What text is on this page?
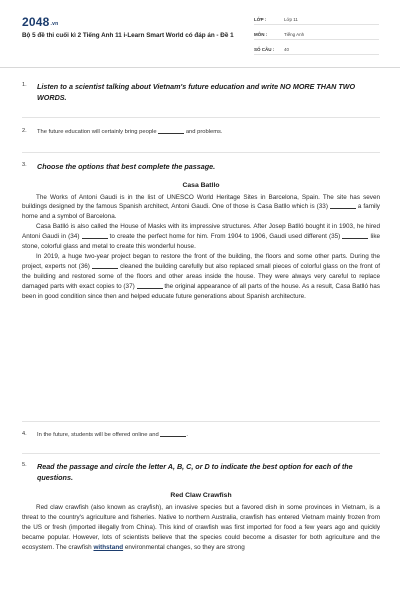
2048.vn
Bộ 5 đề thi cuối kì 2 Tiếng Anh 11 i-Learn Smart World có đáp án - Đề 1
LỚP :	Lớp 11
MÔN :	Tiếng Anh
SỐ CÂU : 40
1. Listen to a scientist talking about Vietnam's future education and write NO MORE THAN TWO WORDS.
2. The future education will certainly bring people	and problems.
3. Choose the options that best complete the passage.
Casa Batllo
The Works of Antoni Gaudi is in the list of UNESCO World Heritage Sites in Barcelona, Spain. The site has seven buildings designed by the famous Spanish architect, Antoni Gaudi. One of those is Casa Batllo which is (33)	a family home and a symbol of Barcelona.
Casa Batlló is also called the House of Masks with its impressive structures. After Josep Batlló bought it in 1903, he hired Antoni Gaudi in (34)	to create the perfect home for him. From 1904 to 1906, Gaudi used different (35)	like stone, colorful glass and metal to create this wonderful house.
In 2019, a huge two-year project began to restore the front of the building, the floors and some other parts. During the project, experts not (36)	cleaned the building carefully but also replaced small pieces of colorful glass on the front of the building and restored some of the floors and other areas inside the house. They were always very careful to replace damaged parts with exact copies to (37)	the original appearance of all parts of the house. As a result, Casa Batlló has been in good condition since then and helped educate future generations about Spanish architecture.
4. In the future, students will be offered online and	.
5. Read the passage and circle the letter A, B, C, or D to indicate the best option for each of the questions.
Red Claw Crawfish
Red claw crawfish (also known as crayfish), an invasive species but a favored dish in some provinces in Vietnam, is a threat to the country's agriculture and fisheries. Native to northern Australia, crawfish has entered Vietnam mainly frozen from the US or fresh (imported illegally from China). This kind of crawfish was first imported for food a few years ago and quickly became popular. However, lots of scientists believe that the species could become a disaster for both agriculture and the ecosystem. The crawfish withstand environmental changes, so they are strong
